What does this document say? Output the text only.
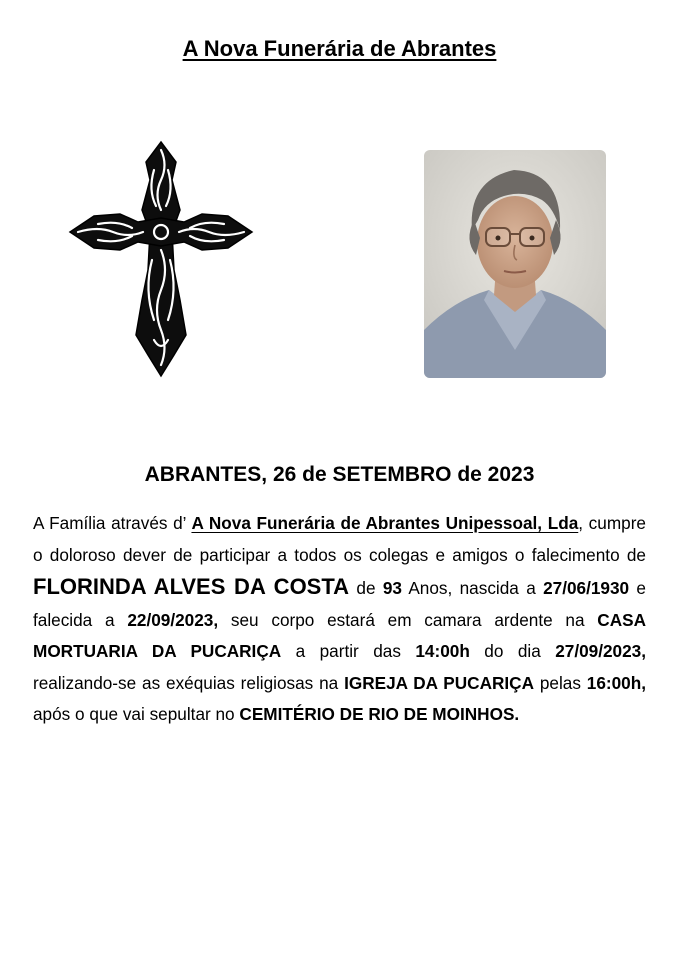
A Nova Funerária de Abrantes
ABRANTES, 26 de SETEMBRO de 2023
A Família através d’ A Nova Funerária de Abrantes Unipessoal, Lda, cumpre o doloroso dever de participar a todos os colegas e amigos o falecimento de FLORINDA ALVES DA COSTA de 93 Anos, nascida a 27/06/1930 e falecida a 22/09/2023, seu corpo estará em camara ardente na CASA MORTUARIA DA PUCARIÇA a partir das 14:00h do dia 27/09/2023, realizando-se as exéquias religiosas na IGREJA DA PUCARIÇA pelas 16:00h, após o que vai sepultar no CEMITÉRIO DE RIO DE MOINHOS.
